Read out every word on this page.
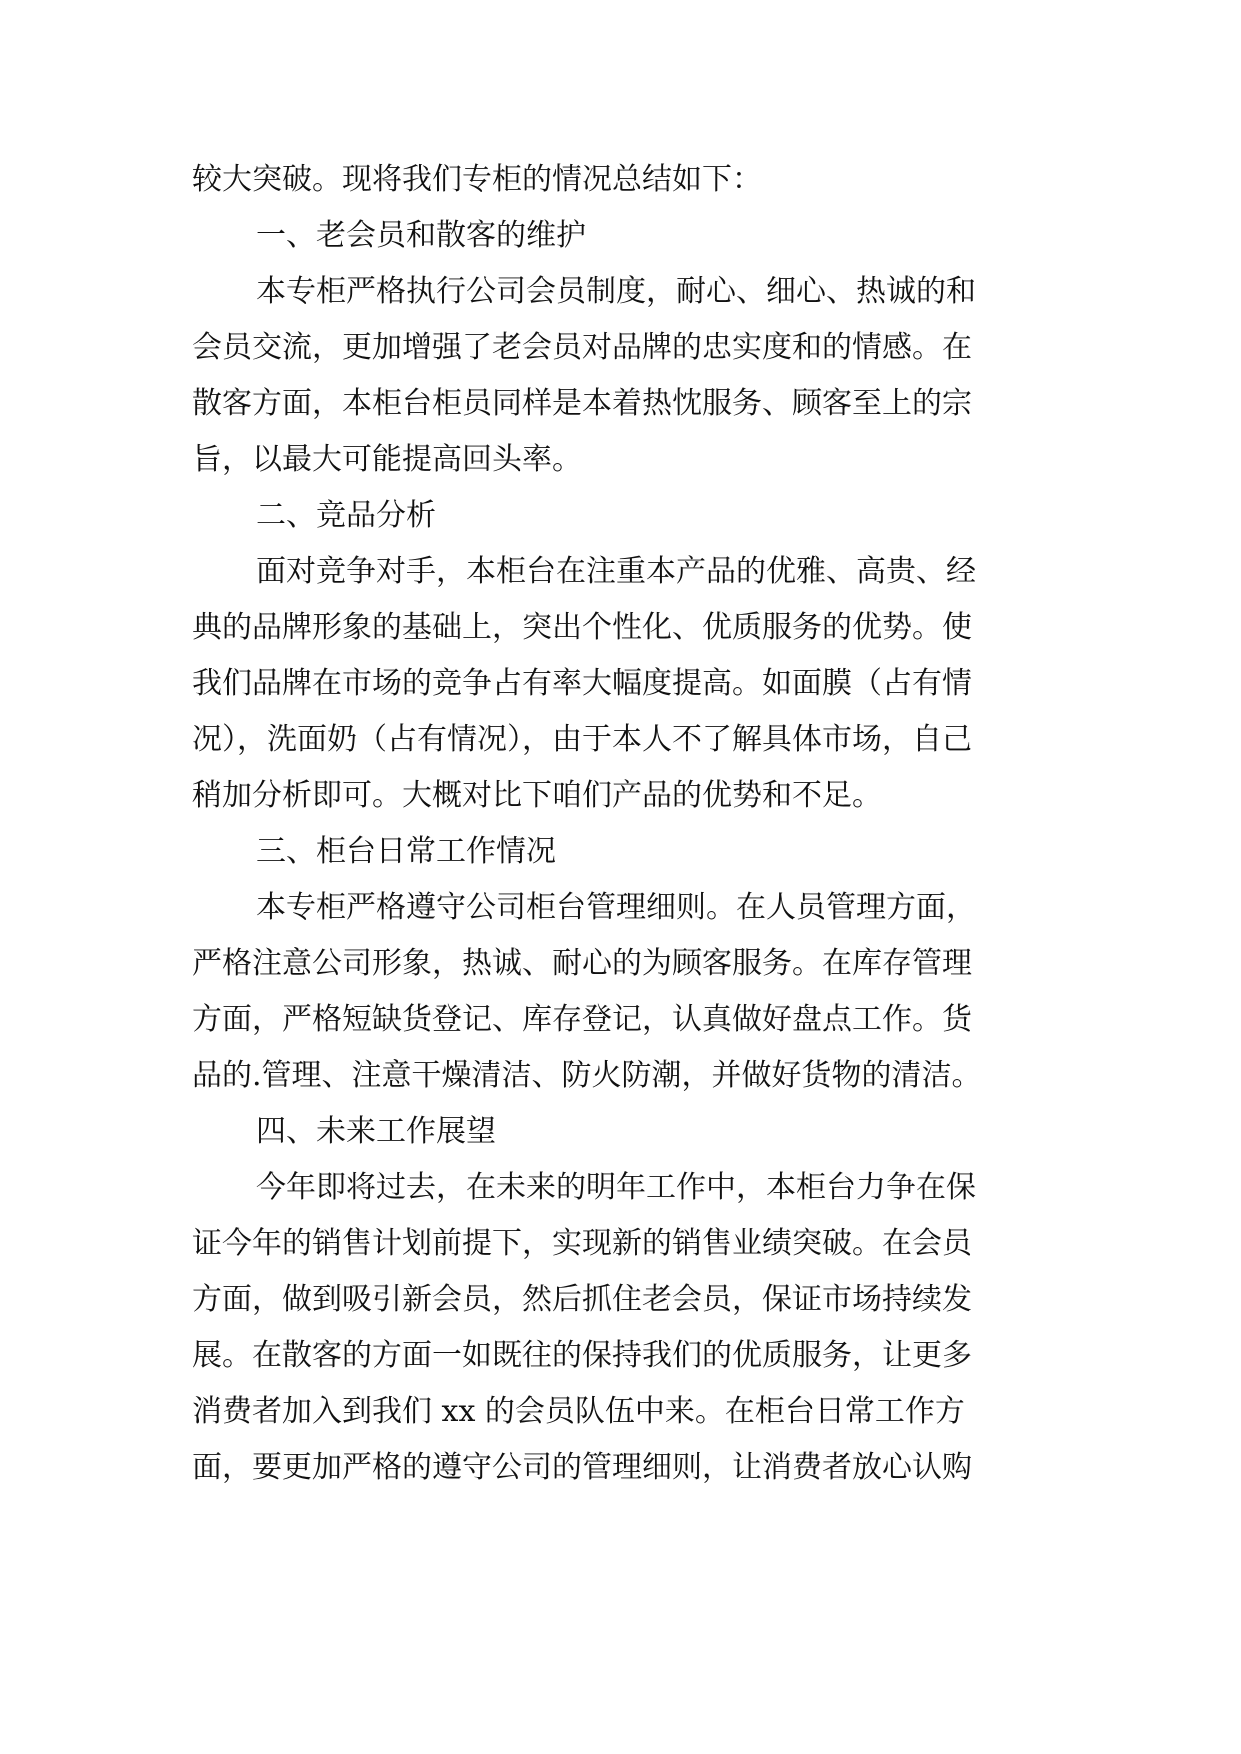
较大突破。现将我们专柜的情况总结如下：
一、老会员和散客的维护
本专柜严格执行公司会员制度，耐心、细心、热诚的和
会员交流，更加增强了老会员对品牌的忠实度和的情感。在
散客方面，本柜台柜员同样是本着热忱服务、顾客至上的宗
旨，以最大可能提高回头率。
二、竞品分析
面对竞争对手，本柜台在注重本产品的优雅、高贵、经
典的品牌形象的基础上，突出个性化、优质服务的优势。使
我们品牌在市场的竞争占有率大幅度提高。如面膜（占有情
况），洗面奶（占有情况），由于本人不了解具体市场，自己
稍加分析即可。大概对比下咱们产品的优势和不足。
三、柜台日常工作情况
本专柜严格遵守公司柜台管理细则。在人员管理方面，
严格注意公司形象，热诚、耐心的为顾客服务。在库存管理
方面，严格短缺货登记、库存登记，认真做好盘点工作。货
品的.管理、注意干燥清洁、防火防潮，并做好货物的清洁。
四、未来工作展望
今年即将过去，在未来的明年工作中，本柜台力争在保
证今年的销售计划前提下，实现新的销售业绩突破。在会员
方面，做到吸引新会员，然后抓住老会员，保证市场持续发
展。在散客的方面一如既往的保持我们的优质服务，让更多
消费者加入到我们 xx 的会员队伍中来。在柜台日常工作方
面，要更加严格的遵守公司的管理细则，让消费者放心认购
